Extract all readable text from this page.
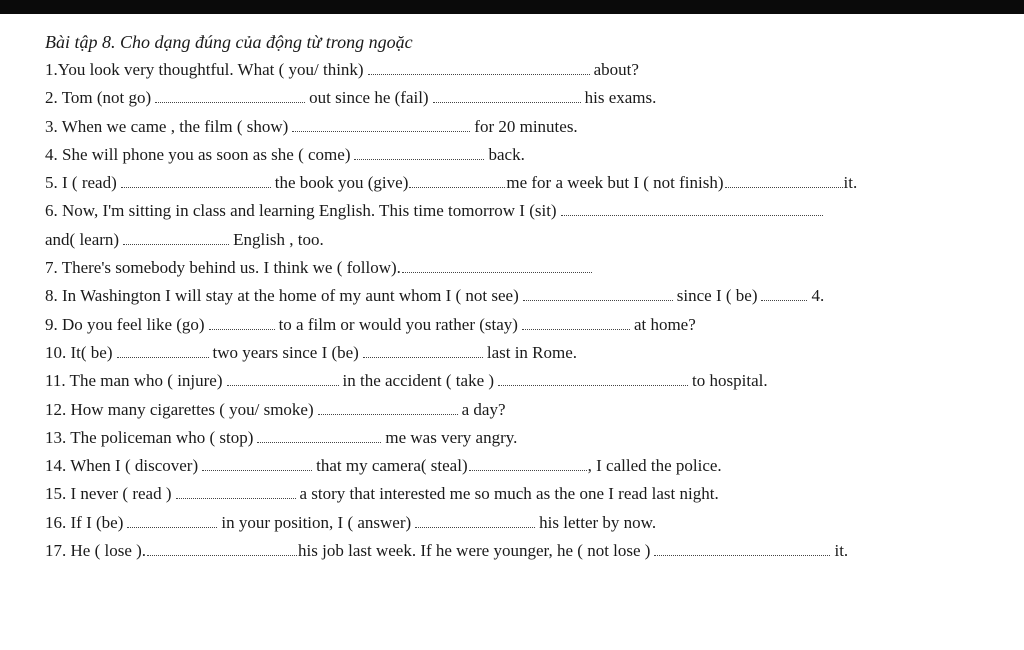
Bài tập 8. Cho dạng đúng của động từ trong ngoặc
1.You look very thoughtful. What ( you/ think)	about?
2. Tom (not go)	out since he (fail)	his exams.
3. When we came , the film ( show)	for 20 minutes.
4. She will phone you as soon as she ( come)	back.
5. I ( read)	the book you (give)	me for a week but I ( not finish)	it.
6. Now, I'm sitting in class and learning English. This time tomorrow I (sit)
and( learn)	English , too.
7. There's somebody behind us. I think we ( follow).
8. In Washington I will stay at the home of my aunt whom I ( not see)	since I ( be)	4.
9. Do you feel like (go)	to a film or would you rather (stay)	at home?
10. It( be)	two years since I (be)	last in Rome.
11. The man who ( injure)	in the accident ( take )	to hospital.
12. How many cigarettes ( you/ smoke)	a day?
13. The policeman who ( stop)	me was very angry.
14. When I ( discover)	that my camera( steal)	, I called the police.
15. I never ( read )	a story that interested me so much as the one I read last night.
16. If I (be)	in your position, I ( answer)	his letter by now.
17. He ( lose ).	his job last week. If he were younger, he ( not lose )	it.
